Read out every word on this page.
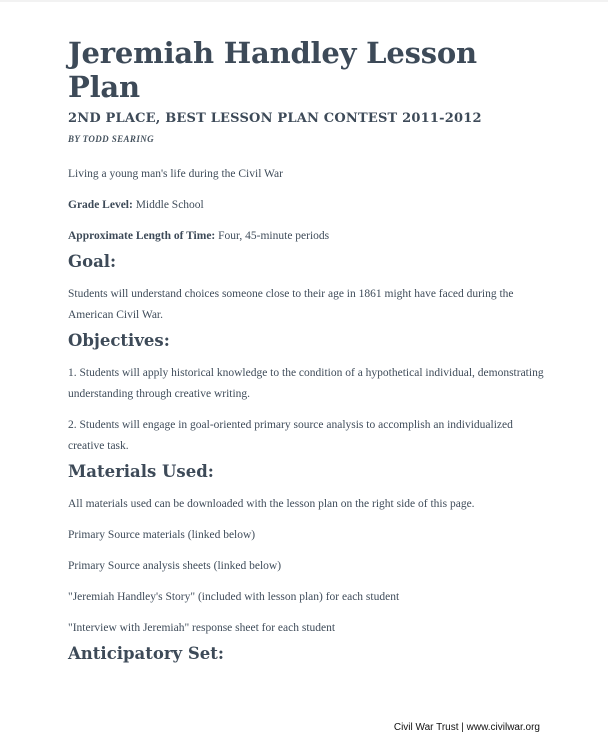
Jeremiah Handley Lesson Plan
2ND PLACE, BEST LESSON PLAN CONTEST 2011-2012
BY TODD SEARING

Living a young man's life during the Civil War

Grade Level: Middle School

Approximate Length of Time: Four, 45-minute periods

Goal:

Students will understand choices someone close to their age in 1861 might have faced during the American Civil War.

Objectives:

1. Students will apply historical knowledge to the condition of a hypothetical individual, demonstrating understanding through creative writing.

2. Students will engage in goal-oriented primary source analysis to accomplish an individualized creative task.

Materials Used:

All materials used can be downloaded with the lesson plan on the right side of this page.

Primary Source materials (linked below)

Primary Source analysis sheets (linked below)

"Jeremiah Handley's Story" (included with lesson plan) for each student

"Interview with Jeremiah" response sheet for each student

Anticipatory Set:
Civil War Trust | www.civilwar.org
